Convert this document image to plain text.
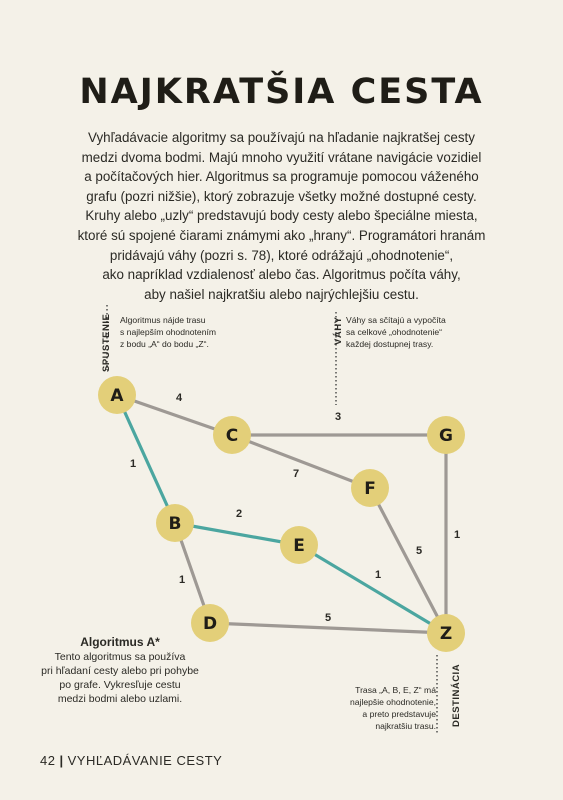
NAJKRATŠIA CESTA

Vyhľadávacie algoritmy sa používajú na hľadanie najkratšej cesty
medzi dvoma bodmi. Majú mnoho využití vrátane navigácie vozidiel
a počítačových hier. Algoritmus sa programuje pomocou váženého
grafu (pozri nižšie), ktorý zobrazuje všetky možné dostupné cesty.
Kruhy alebo „uzly“ predstavujú body cesty alebo špeciálne miesta,
ktoré sú spojené čiarami známymi ako „hrany“. Programátori hranám
pridávajú váhy (pozri s. 78), ktoré odrážajú „ohodnotenie“,
ako napríklad vzdialenosť alebo čas. Algoritmus počíta váhy,
aby našiel najkratšiu alebo najrýchlejšiu cestu.

4
3
7
1
2
1	1
5
1
5
A
B
C
D
E
F
G
Z
SPUSTENIE	VÁHY
DESTINÁCIA
Algoritmus nájde trasu
s najlepším ohodnotením
z bodu „A“ do bodu „Z“.
Váhy sa sčítajú a vypočíta
sa celkové „ohodnotenie“
každej dostupnej trasy.
Trasa „A, B, E, Z“ má
najlepšie ohodnotenie,
a preto predstavuje
najkratšiu trasu.
Algoritmus A*
Tento algoritmus sa používa
pri hľadaní cesty alebo pri pohybe
po grafe. Vykresľuje cestu
medzi bodmi alebo uzlami.
42 | VYHĽADÁVANIE CESTY
